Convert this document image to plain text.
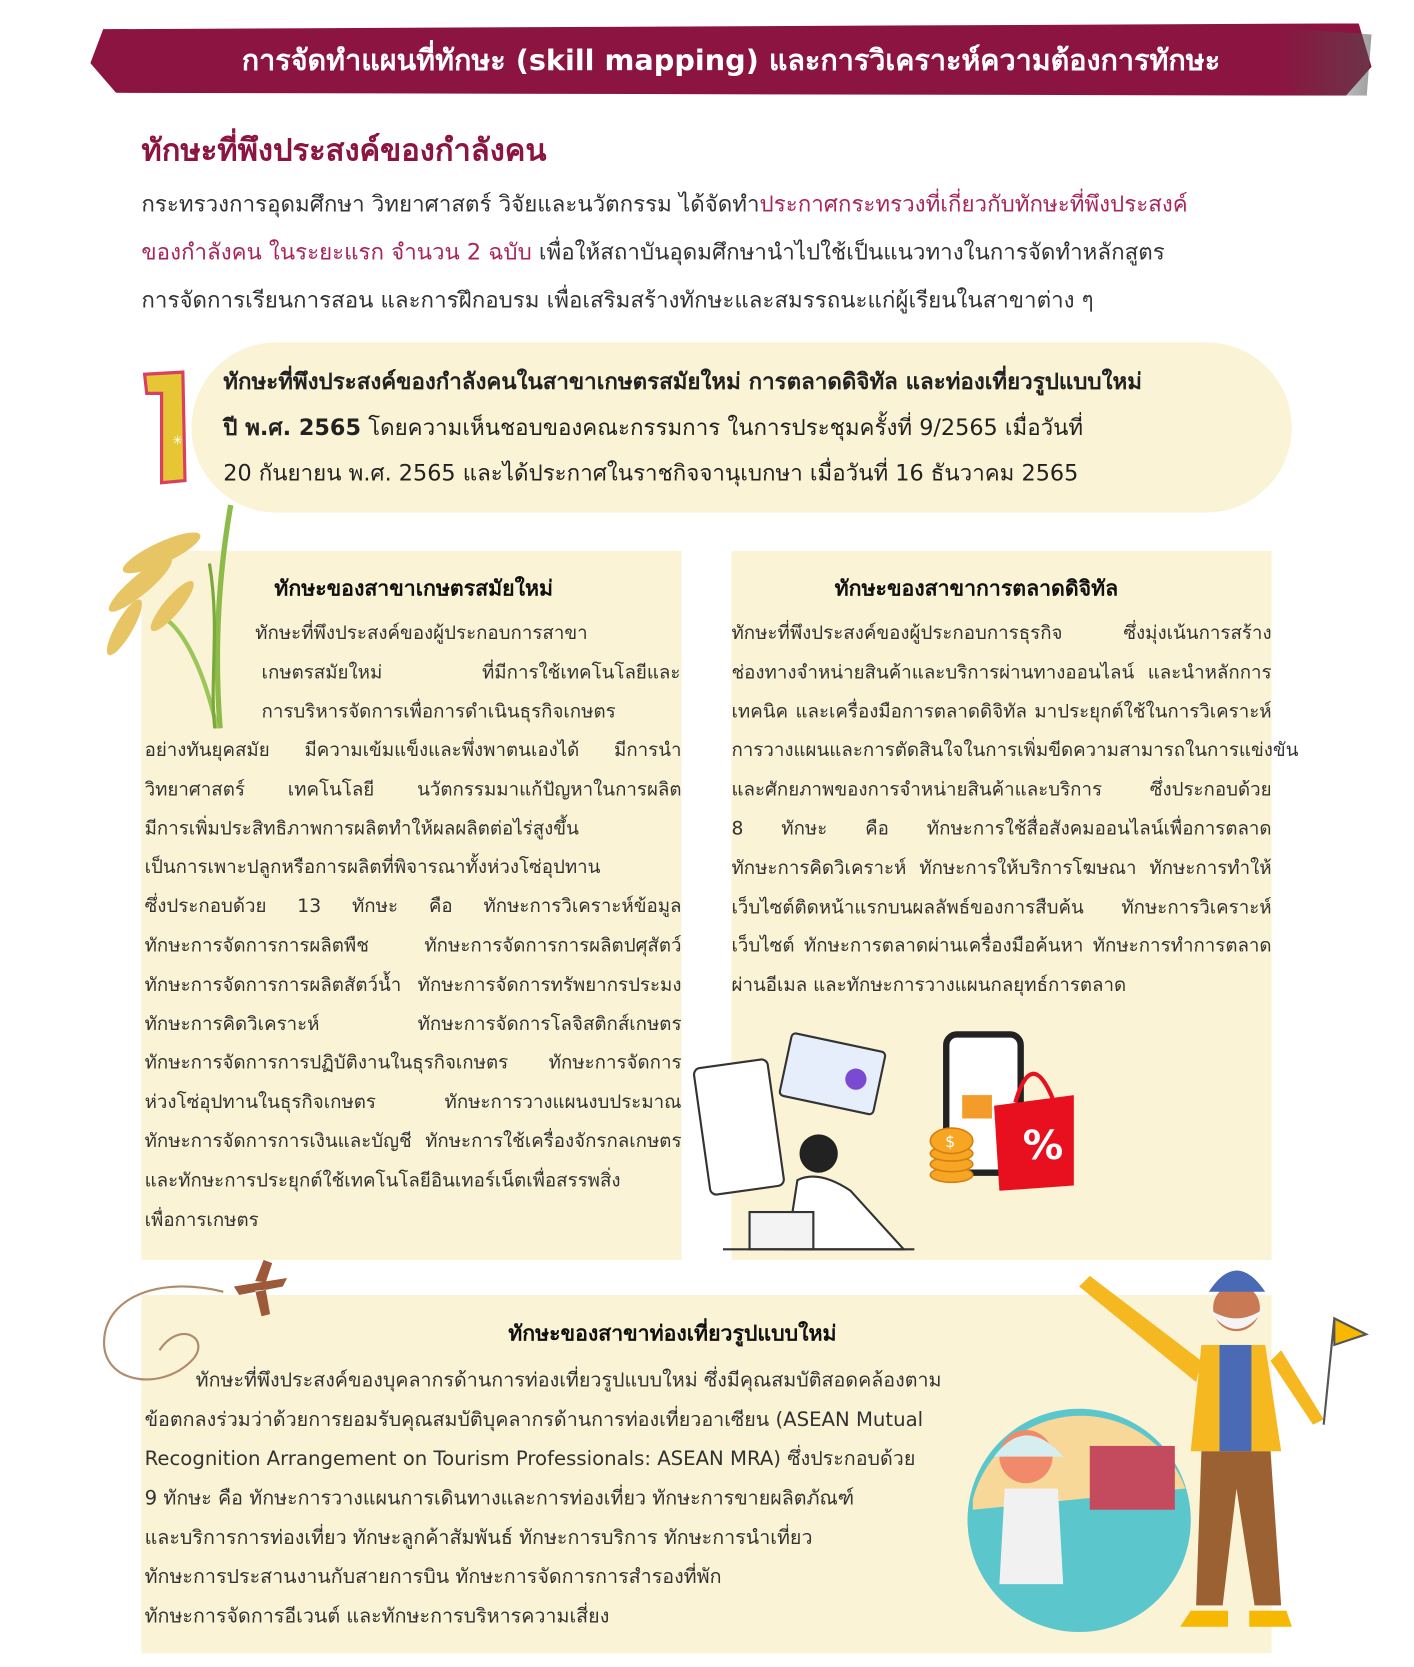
การจัดทำแผนที่ทักษะ (skill mapping) และการวิเคราะห์ความต้องการทักษะ
ทักษะที่พึงประสงค์ของกำลังคน
กระทรวงการอุดมศึกษา วิทยาศาสตร์ วิจัยและนวัตกรรม ได้จัดทำประกาศกระทรวงที่เกี่ยวกับทักษะที่พึงประสงค์
ของกำลังคน ในระยะแรก จำนวน 2 ฉบับ เพื่อให้สถาบันอุดมศึกษานำไปใช้เป็นแนวทางในการจัดทำหลักสูตร
การจัดการเรียนการสอน และการฝึกอบรม เพื่อเสริมสร้างทักษะและสมรรถนะแก่ผู้เรียนในสาขาต่าง ๆ
✳
ทักษะที่พึงประสงค์ของกำลังคนในสาขาเกษตรสมัยใหม่ การตลาดดิจิทัล และท่องเที่ยวรูปแบบใหม่
ปี พ.ศ. 2565 โดยความเห็นชอบของคณะกรรมการ ในการประชุมครั้งที่ 9/2565 เมื่อวันที่
20 กันยายน พ.ศ. 2565 และได้ประกาศในราชกิจจานุเบกษา เมื่อวันที่ 16 ธันวาคม 2565
ทักษะของสาขาเกษตรสมัยใหม่
ทักษะที่พึงประสงค์ของผู้ประกอบการสาขา
เกษตรสมัยใหม่ ที่มีการใช้เทคโนโลยีและ
การบริหารจัดการเพื่อการดำเนินธุรกิจเกษตร
อย่างทันยุคสมัย มีความเข้มแข็งและพึ่งพาตนเองได้ มีการนำ
วิทยาศาสตร์ เทคโนโลยี นวัตกรรมมาแก้ปัญหาในการผลิต
มีการเพิ่มประสิทธิภาพการผลิตทำให้ผลผลิตต่อไร่สูงขึ้น
เป็นการเพาะปลูกหรือการผลิตที่พิจารณาทั้งห่วงโซ่อุปทาน
ซึ่งประกอบด้วย 13 ทักษะ คือ ทักษะการวิเคราะห์ข้อมูล
ทักษะการจัดการการผลิตพืช ทักษะการจัดการการผลิตปศุสัตว์
ทักษะการจัดการการผลิตสัตว์น้ำ ทักษะการจัดการทรัพยากรประมง
ทักษะการคิดวิเคราะห์ ทักษะการจัดการโลจิสติกส์เกษตร
ทักษะการจัดการการปฏิบัติงานในธุรกิจเกษตร ทักษะการจัดการ
ห่วงโซ่อุปทานในธุรกิจเกษตร ทักษะการวางแผนงบประมาณ
ทักษะการจัดการการเงินและบัญชี ทักษะการใช้เครื่องจักรกลเกษตร
และทักษะการประยุกต์ใช้เทคโนโลยีอินเทอร์เน็ตเพื่อสรรพสิ่ง
เพื่อการเกษตร
ทักษะของสาขาการตลาดดิจิทัล
ทักษะที่พึงประสงค์ของผู้ประกอบการธุรกิจ ซึ่งมุ่งเน้นการสร้าง
ช่องทางจำหน่ายสินค้าและบริการผ่านทางออนไลน์ และนำหลักการ
เทคนิค และเครื่องมือการตลาดดิจิทัล มาประยุกต์ใช้ในการวิเคราะห์
การวางแผนและการตัดสินใจในการเพิ่มขีดความสามารถในการแข่งขัน
และศักยภาพของการจำหน่ายสินค้าและบริการ ซึ่งประกอบด้วย
8 ทักษะ คือ ทักษะการใช้สื่อสังคมออนไลน์เพื่อการตลาด
ทักษะการคิดวิเคราะห์ ทักษะการให้บริการโฆษณา ทักษะการทำให้
เว็บไซต์ติดหน้าแรกบนผลลัพธ์ของการสืบค้น ทักษะการวิเคราะห์
เว็บไซต์ ทักษะการตลาดผ่านเครื่องมือค้นหา ทักษะการทำการตลาด
ผ่านอีเมล และทักษะการวางแผนกลยุทธ์การตลาด
%
$
ทักษะของสาขาท่องเที่ยวรูปแบบใหม่
ทักษะที่พึงประสงค์ของบุคลากรด้านการท่องเที่ยวรูปแบบใหม่ ซึ่งมีคุณสมบัติสอดคล้องตาม
ข้อตกลงร่วมว่าด้วยการยอมรับคุณสมบัติบุคลากรด้านการท่องเที่ยวอาเซียน (ASEAN Mutual
Recognition Arrangement on Tourism Professionals: ASEAN MRA) ซึ่งประกอบด้วย
9 ทักษะ คือ ทักษะการวางแผนการเดินทางและการท่องเที่ยว ทักษะการขายผลิตภัณฑ์
และบริการการท่องเที่ยว ทักษะลูกค้าสัมพันธ์ ทักษะการบริการ ทักษะการนำเที่ยว
ทักษะการประสานงานกับสายการบิน ทักษะการจัดการการสำรองที่พัก
ทักษะการจัดการอีเวนต์ และทักษะการบริหารความเสี่ยง
